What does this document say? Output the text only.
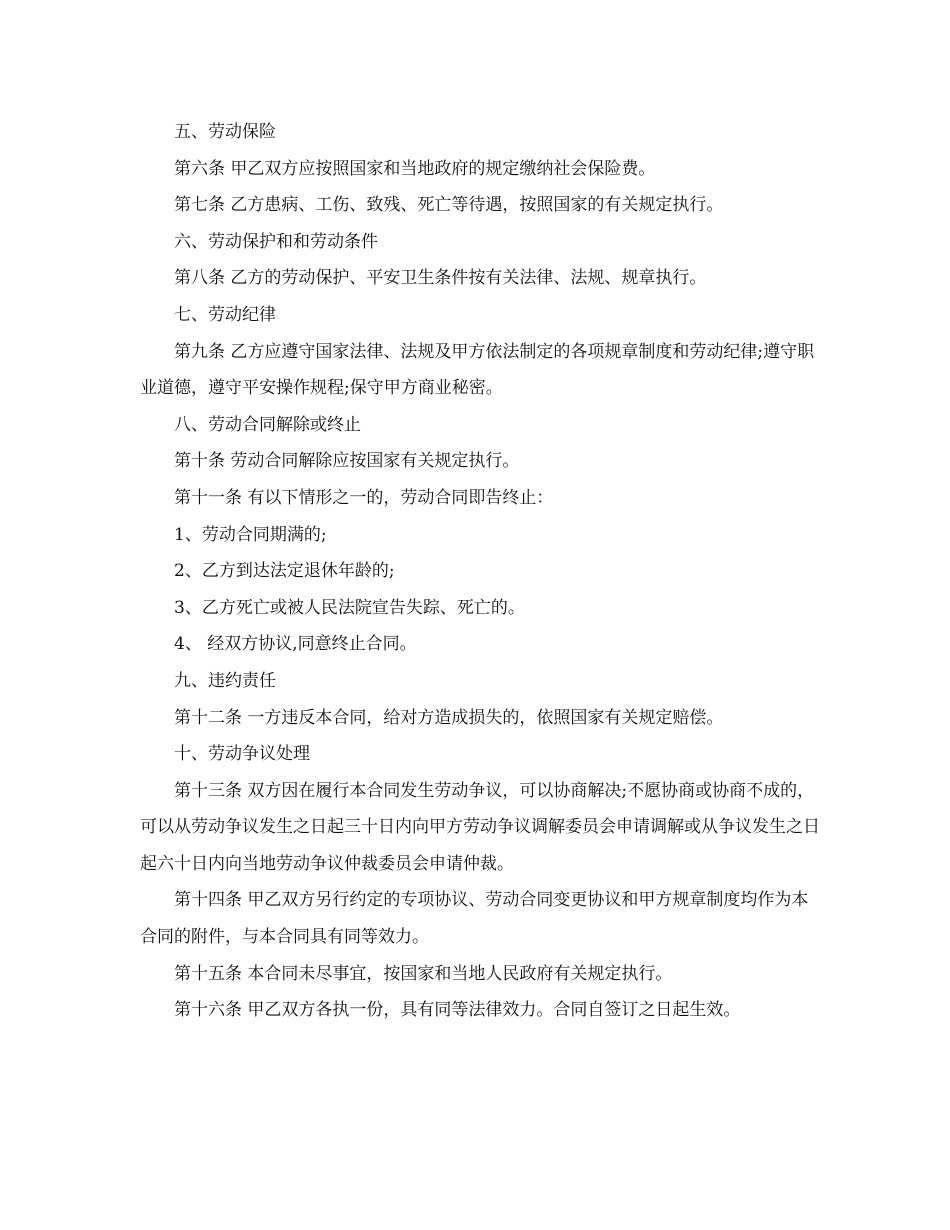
五、劳动保险

第六条 甲乙双方应按照国家和当地政府的规定缴纳社会保险费。

第七条 乙方患病、工伤、致残、死亡等待遇，按照国家的有关规定执行。

六、劳动保护和和劳动条件

第八条 乙方的劳动保护、平安卫生条件按有关法律、法规、规章执行。

七、劳动纪律

第九条 乙方应遵守国家法律、法规及甲方依法制定的各项规章制度和劳动纪律;遵守职业道德，遵守平安操作规程;保守甲方商业秘密。

八、劳动合同解除或终止

第十条 劳动合同解除应按国家有关规定执行。

第十一条 有以下情形之一的，劳动合同即告终止：

1、劳动合同期满的;

2、乙方到达法定退休年龄的;

3、乙方死亡或被人民法院宣告失踪、死亡的。

4、 经双方协议,同意终止合同。

九、违约责任

第十二条 一方违反本合同，给对方造成损失的，依照国家有关规定赔偿。

十、劳动争议处理

第十三条 双方因在履行本合同发生劳动争议，可以协商解决;不愿协商或协商不成的，可以从劳动争议发生之日起三十日内向甲方劳动争议调解委员会申请调解或从争议发生之日起六十日内向当地劳动争议仲裁委员会申请仲裁。

第十四条 甲乙双方另行约定的专项协议、劳动合同变更协议和甲方规章制度均作为本合同的附件，与本合同具有同等效力。

第十五条 本合同未尽事宜，按国家和当地人民政府有关规定执行。

第十六条 甲乙双方各执一份，具有同等法律效力。合同自签订之日起生效。
